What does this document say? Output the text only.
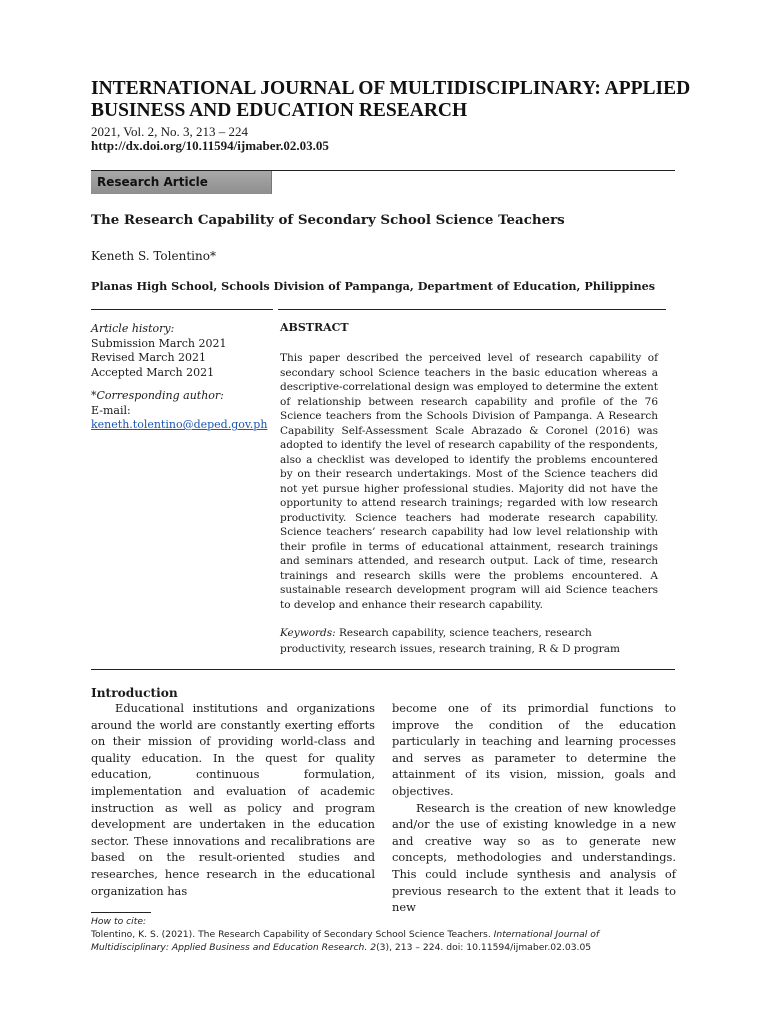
INTERNATIONAL JOURNAL OF MULTIDISCIPLINARY: APPLIED
BUSINESS AND EDUCATION RESEARCH
2021, Vol. 2, No. 3, 213 – 224
http://dx.doi.org/10.11594/ijmaber.02.03.05
Research Article
The Research Capability of Secondary School Science Teachers
Keneth S. Tolentino*
Planas High School, Schools Division of Pampanga, Department of Education, Philippines
Article history:
Submission March 2021
Revised March 2021
Accepted March 2021
*Corresponding author:
E-mail:
keneth.tolentino@deped.gov.ph
ABSTRACT

This paper described the perceived level of research capability of secondary school Science teachers in the basic education whereas a descriptive-correlational design was employed to determine the extent of relationship between research capability and profile of the 76 Science teachers from the Schools Division of Pampanga. A Research Capability Self-Assessment Scale Abrazado & Coronel (2016) was adopted to identify the level of research capability of the respondents, also a checklist was developed to identify the problems encountered by on their research undertakings. Most of the Science teachers did not yet pursue higher professional studies. Majority did not have the opportunity to attend research trainings; regarded with low research productivity. Science teachers had moderate research capability. Science teachers’ research capability had low level relationship with their profile in terms of educational attainment, research trainings and seminars attended, and research output. Lack of time, research trainings and research skills were the problems encountered. A sustainable research development program will aid Science teachers to develop and enhance their research capability.

Keywords: Research capability, science teachers, research productivity, research issues, research training, R & D program

Introduction

Educational institutions and organizations around the world are constantly exerting efforts on their mission of providing world-class and quality education. In the quest for quality education, continuous formulation, implementation and evaluation of academic instruction as well as policy and program development are undertaken in the education sector. These innovations and recalibrations are based on the result-oriented studies and researches, hence research in the educational organization has

become one of its primordial functions to improve the condition of the education particularly in teaching and learning processes and serves as parameter to determine the attainment of its vision, mission, goals and objectives.

Research is the creation of new knowledge and/or the use of existing knowledge in a new and creative way so as to generate new concepts, methodologies and understandings. This could include synthesis and analysis of previous research to the extent that it leads to new

How to cite:
Tolentino, K. S. (2021). The Research Capability of Secondary School Science Teachers. International Journal of
Multidisciplinary: Applied Business and Education Research. 2(3), 213 – 224. doi: 10.11594/ijmaber.02.03.05
